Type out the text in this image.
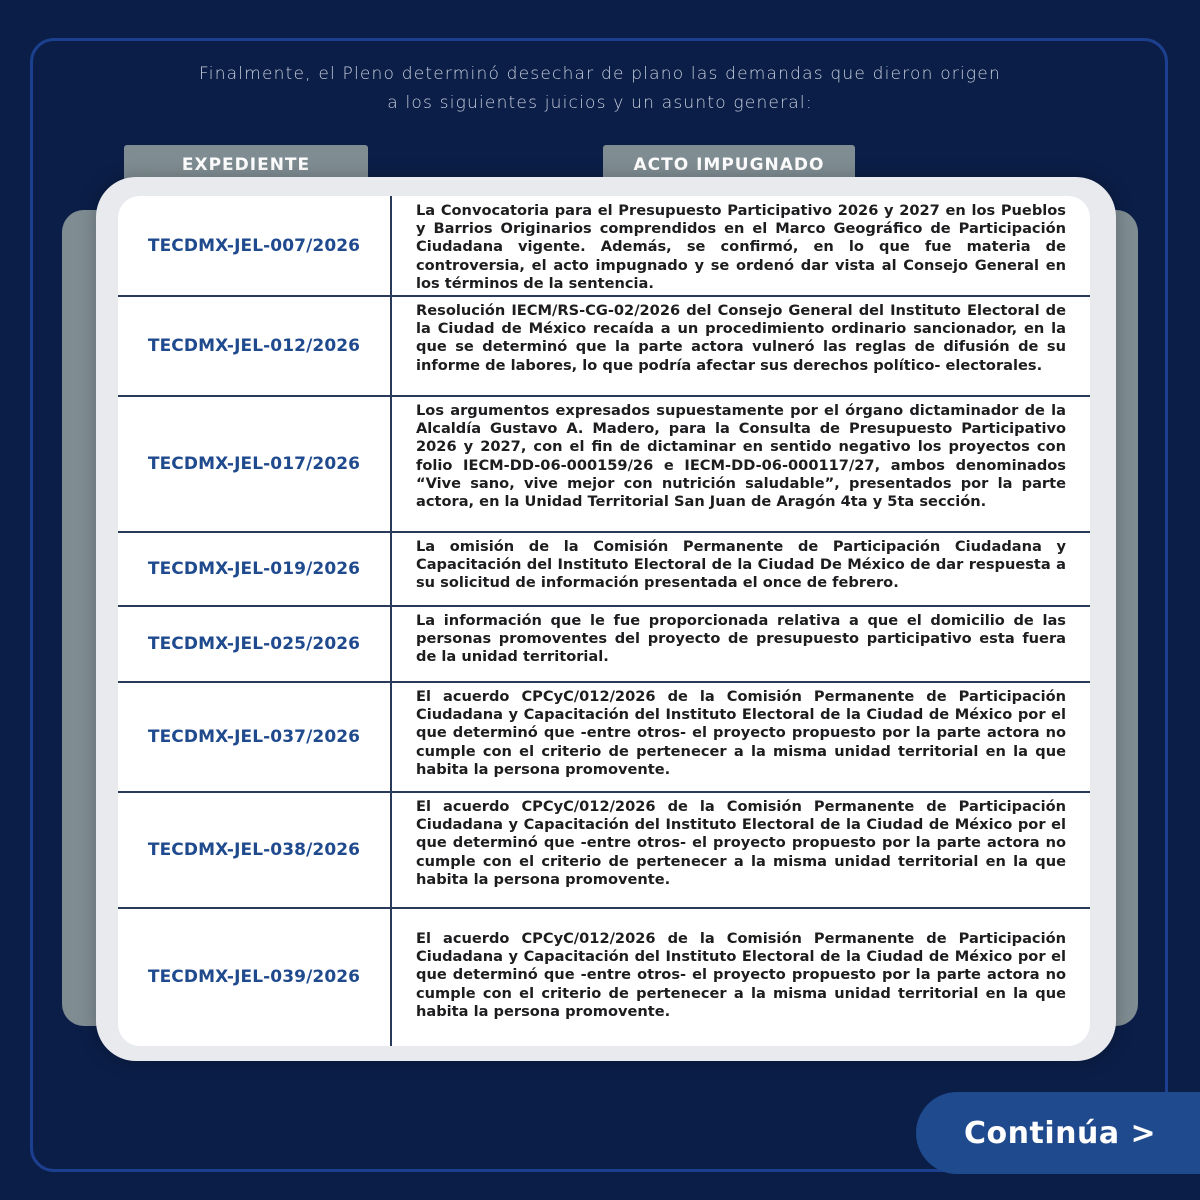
Finalmente, el Pleno determinó desechar de plano las demandas que dieron origen
a los siguientes juicios y un asunto general:
EXPEDIENTE	ACTO IMPUGNADO
TECDMX-JEL-007/2026
La Convocatoria para el Presupuesto Participativo 2026 y 2027 en los Pueblos y Barrios Originarios comprendidos en el Marco Geográfico de Participación Ciudadana vigente. Además, se confirmó, en lo que fue materia de controversia, el acto impugnado y se ordenó dar vista al Consejo General en los términos de la sentencia.
TECDMX-JEL-012/2026
Resolución IECM/RS-CG-02/2026 del Consejo General del Instituto Electoral de la Ciudad de México recaída a un procedimiento ordinario sancionador, en la que se determinó que la parte actora vulneró las reglas de difusión de su informe de labores, lo que podría afectar sus derechos político- electorales.
TECDMX-JEL-017/2026
Los argumentos expresados supuestamente por el órgano dictaminador de la Alcaldía Gustavo A. Madero, para la Consulta de Presupuesto Participativo 2026 y 2027, con el fin de dictaminar en sentido negativo los proyectos con folio IECM-DD-06-000159/26 e IECM-DD-06-000117/27, ambos denominados “Vive sano, vive mejor con nutrición saludable”, presentados por la parte actora, en la Unidad Territorial San Juan de Aragón 4ta y 5ta sección.
TECDMX-JEL-019/2026
La omisión de la Comisión Permanente de Participación Ciudadana y Capacitación del Instituto Electoral de la Ciudad De México de dar respuesta a su solicitud de información presentada el once de febrero.
TECDMX-JEL-025/2026
La información que le fue proporcionada relativa a que el domicilio de las personas promoventes del proyecto de presupuesto participativo esta fuera de la unidad territorial.
TECDMX-JEL-037/2026
El acuerdo CPCyC/012/2026 de la Comisión Permanente de Participación Ciudadana y Capacitación del Instituto Electoral de la Ciudad de México por el que determinó que -entre otros- el proyecto propuesto por la parte actora no cumple con el criterio de pertenecer a la misma unidad territorial en la que habita la persona promovente.
TECDMX-JEL-038/2026
El acuerdo CPCyC/012/2026 de la Comisión Permanente de Participación Ciudadana y Capacitación del Instituto Electoral de la Ciudad de México por el que determinó que -entre otros- el proyecto propuesto por la parte actora no cumple con el criterio de pertenecer a la misma unidad territorial en la que habita la persona promovente.
TECDMX-JEL-039/2026
El acuerdo CPCyC/012/2026 de la Comisión Permanente de Participación Ciudadana y Capacitación del Instituto Electoral de la Ciudad de México por el que determinó que -entre otros- el proyecto propuesto por la parte actora no cumple con el criterio de pertenecer a la misma unidad territorial en la que habita la persona promovente.
Continúa >
